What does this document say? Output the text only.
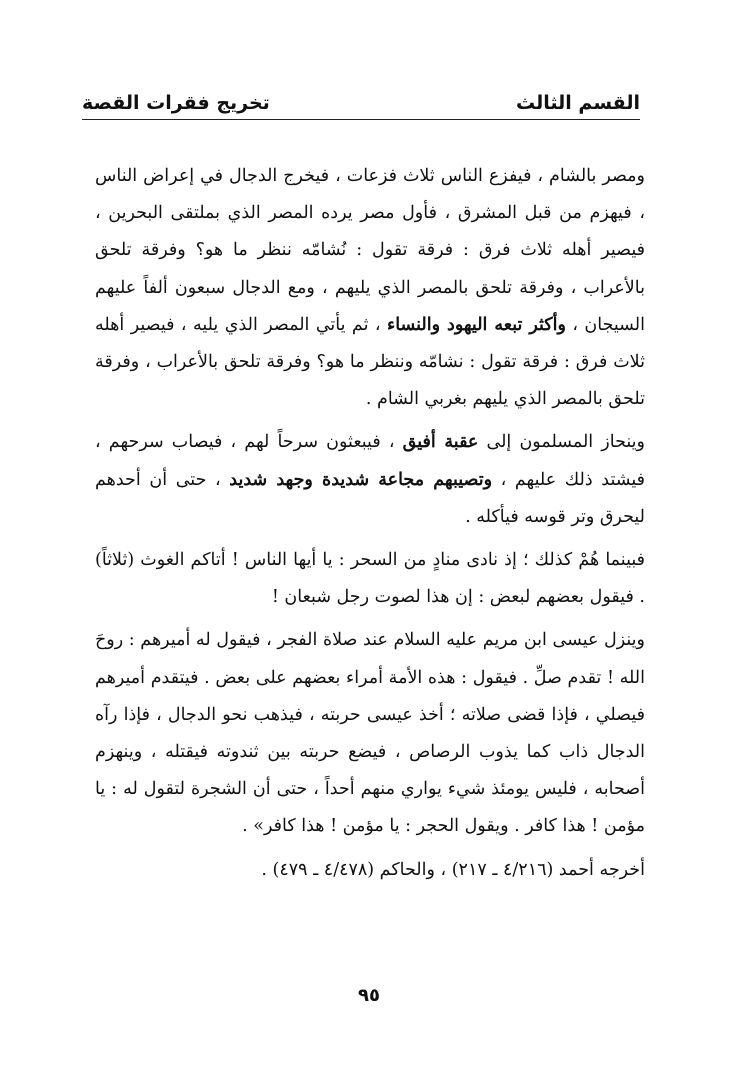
القسم الثالث
تخريج فقرات القصة

ومصر بالشام ، فيفزع الناس ثلاث فزعات ، فيخرج الدجال في إعراض الناس ، فيهزم من قبل المشرق ، فأول مصر يرده المصر الذي بملتقى البحرين ، فيصير أهله ثلاث فرق : فرقة تقول : نُشامّه ننظر ما هو؟ وفرقة تلحق بالأعراب ، وفرقة تلحق بالمصر الذي يليهم ، ومع الدجال سبعون ألفاً عليهم السيجان ، وأكثر تبعه اليهود والنساء ، ثم يأتي المصر الذي يليه ، فيصير أهله ثلاث فرق : فرقة تقول : نشامّه وننظر ما هو؟ وفرقة تلحق بالأعراب ، وفرقة تلحق بالمصر الذي يليهم بغربي الشام .

وينحاز المسلمون إلى عقبة أفيق ، فيبعثون سرحاً لهم ، فيصاب سرحهم ، فيشتد ذلك عليهم ، وتصيبهم مجاعة شديدة وجهد شديد ، حتى أن أحدهم ليحرق وتر قوسه فيأكله .

فبينما هُمْ كذلك ؛ إذ نادى منادٍ من السحر : يا أيها الناس ! أتاكم الغوث (ثلاثاً) . فيقول بعضهم لبعض : إن هذا لصوت رجل شبعان !

وينزل عيسى ابن مريم عليه السلام عند صلاة الفجر ، فيقول له أميرهم : روحَ الله ! تقدم صلِّ . فيقول : هذه الأمة أمراء بعضهم على بعض . فيتقدم أميرهم فيصلي ، فإذا قضى صلاته ؛ أخذ عيسى حربته ، فيذهب نحو الدجال ، فإذا رآه الدجال ذاب كما يذوب الرصاص ، فيضع حربته بين ثندوته فيقتله ، وينهزم أصحابه ، فليس يومئذ شيء يواري منهم أحداً ، حتى أن الشجرة لتقول له : يا مؤمن ! هذا كافر . ويقول الحجر : يا مؤمن ! هذا كافر» .

أخرجه أحمد (٤/٢١٦ ـ ٢١٧) ، والحاكم (٤/٤٧٨ ـ ٤٧٩) .

٩٥
